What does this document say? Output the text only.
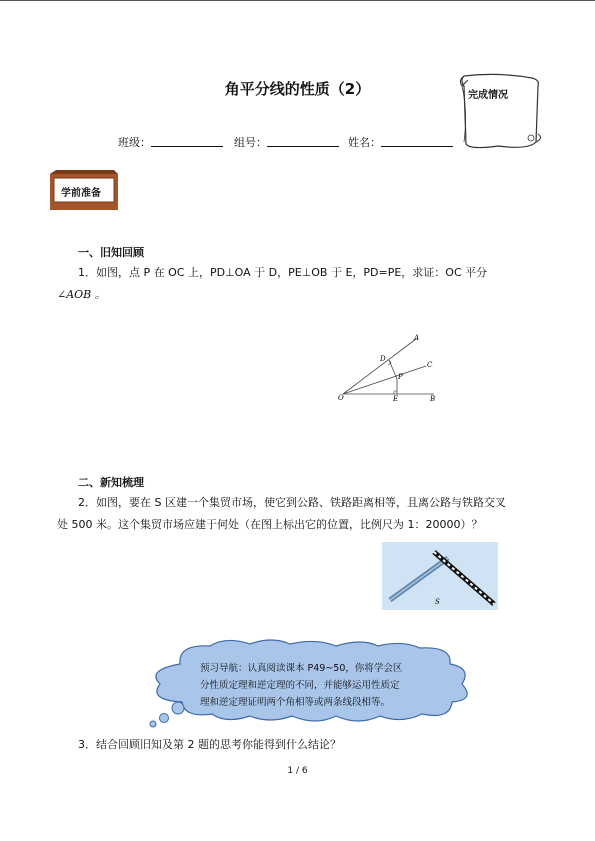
角平分线的性质（2）	完成情况
班级：	组号：	姓名：
学前准备
一、旧知回顾
1．如图，点 P 在 OC 上，PD⊥OA 于 D，PE⊥OB 于 E，PD=PE，求证：OC 平分
∠AOB 。
A
D
C
P
O	E	B
二、新知梳理
2．如图，要在 S 区建一个集贸市场，使它到公路、铁路距离相等，且离公路与铁路交叉
处 500 米。这个集贸市场应建于何处（在图上标出它的位置，比例尺为 1：20000）？
S
预习导航：认真阅读课本 P49~50，你将学会区
分性质定理和逆定理的不同，并能够运用性质定
理和逆定理证明两个角相等或两条线段相等。
3．结合回顾旧知及第 2 题的思考你能得到什么结论？
1 / 6
